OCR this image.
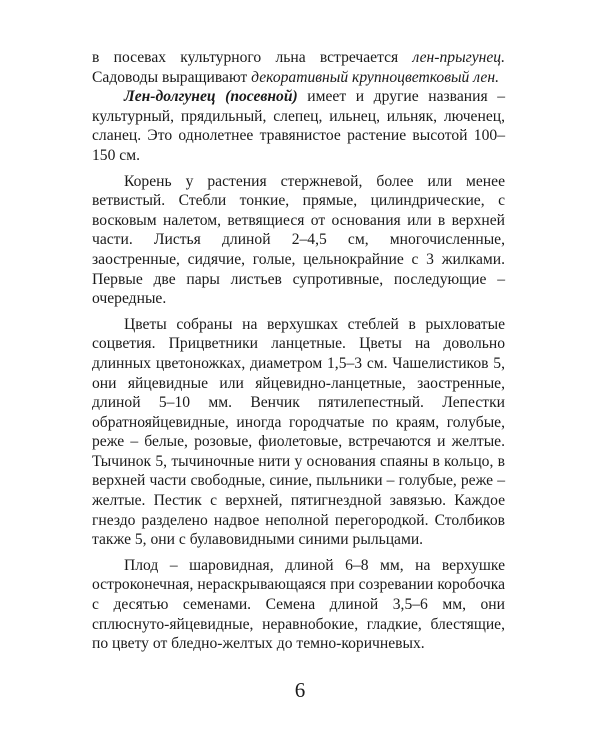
в посевах культурного льна встречается лен-прыгунец. Садоводы выращивают декоративный крупноцветковый лен.

Лен-долгунец (посевной) имеет и другие названия – культурный, прядильный, слепец, ильнец, ильняк, люченец, сланец. Это однолетнее травянистое растение высотой 100–150 см.

Корень у растения стержневой, более или менее ветвистый. Стебли тонкие, прямые, цилиндрические, с восковым налетом, ветвящиеся от основания или в верхней части. Листья длиной 2–4,5 см, многочисленные, заостренные, сидячие, голые, цельнокрайние с 3 жилками. Первые две пары листьев супротивные, последующие – очередные.

Цветы собраны на верхушках стеблей в рыхловатые соцветия. Прицветники ланцетные. Цветы на довольно длинных цветоножках, диаметром 1,5–3 см. Чашелистиков 5, они яйцевидные или яйцевидно-ланцетные, заостренные, длиной 5–10 мм. Венчик пятилепестный. Лепестки обратнояйцевидные, иногда городчатые по краям, голубые, реже – белые, розовые, фиолетовые, встречаются и желтые. Тычинок 5, тычиночные нити у основания спаяны в кольцо, в верхней части свободные, синие, пыльники – голубые, реже – желтые. Пестик с верхней, пятигнездной завязью. Каждое гнездо разделено надвое неполной перегородкой. Столбиков также 5, они с булавовидными синими рыльцами.

Плод – шаровидная, длиной 6–8 мм, на верхушке остроконечная, нераскрывающаяся при созревании коробочка с десятью семенами. Семена длиной 3,5–6 мм, они сплюснуто-яйцевидные, неравнобокие, гладкие, блестящие, по цвету от бледно-желтых до темно-коричневых.

6
